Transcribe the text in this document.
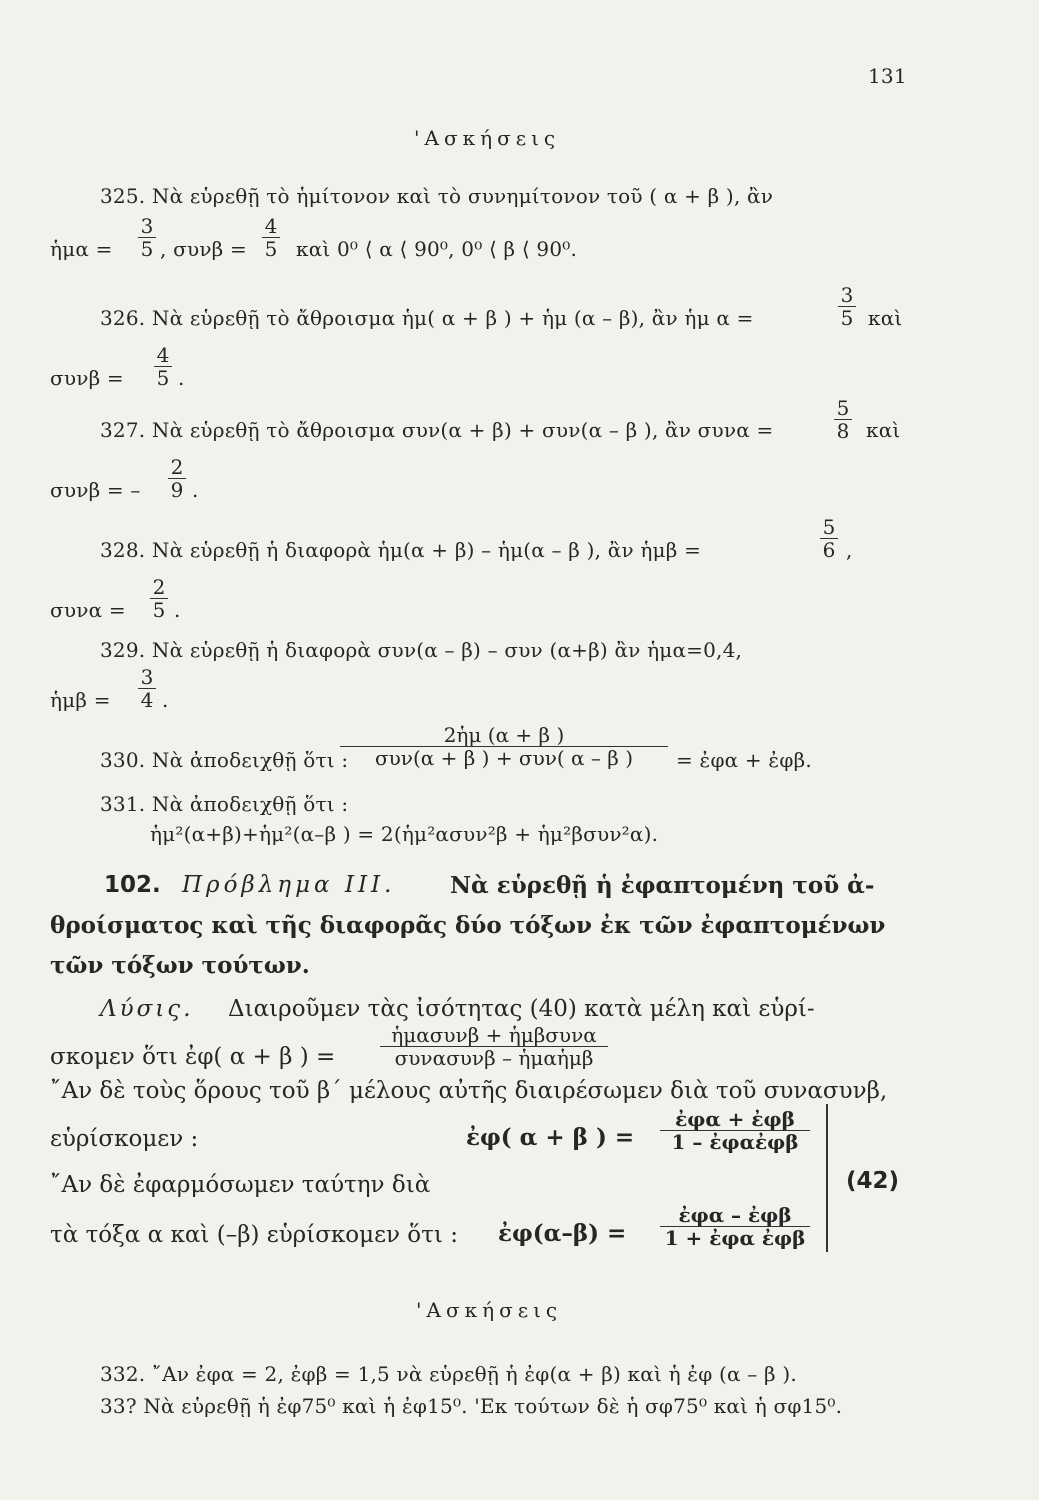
131
'Ασκήσεις
325. Νὰ εὑρεθῇ τὸ ἡμίτονον καὶ τὸ συνημίτονον τοῦ ( α + β ), ἂν
ἡμα = $\frac{3}{5}$ , $\sigma\upsilon\nu\beta = \frac{4}{5}$ καὶ 0⁰ ⟨ α ⟨ 90⁰, 0⁰ ⟨ β ⟨ 90⁰.
326. Νὰ εὑρεθῇ τὸ ἄθροισμα ἡμ( α + β ) + ἡμ (α – β), ἂν ἡμ α =	$\frac{3}{5}$ καὶ
$\sigma\upsilon\nu\beta = \frac{4}{5}$ .
327. Νὰ εὑρεθῇ τὸ ἄθροισμα συν(α + β) + συν(α – β ), ἂν συνα =	$\frac{5}{8}$ καὶ
συνβ = – $\frac{2}{9}$ .
328. Νὰ εὑρεθῇ ἡ διαφορὰ ἡμ(α + β) – ἡμ(α – β ), ἂν ἡμβ =	$\frac{5}{6}$ ,
$\sigma\upsilon\nu\alpha = \frac{2}{5}$ .
329. Νὰ εὑρεθῇ ἡ διαφορὰ συν(α – β) – συν (α+β) ἂν ἡμα=0,4,
ἡμβ = $\frac{3}{4}$ .
330. Νὰ ἀποδειχθῇ ὅτι :
2ἡμ (α + β )
συν(α + β ) + συν( α – β )	= ἐφα + ἐφβ.
331. Νὰ ἀποδειχθῇ ὅτι :
ἡμ²(α+β)+ἡμ²(α–β ) = 2(ἡμ²ασυν²β + ἡμ²βσυν²α).
102. Πρόβλημα III. Νὰ εὑρεθῇ ἡ ἐφαπτομένη τοῦ ἀ-
θροίσματος καὶ τῆς διαφορᾶς δύο τόξων ἐκ τῶν ἐφαπτομένων
τῶν τόξων τούτων.
Λύσις. Διαιροῦμεν τὰς ἰσότητας (40) κατὰ μέλη καὶ εὑρί-
σκομεν ὅτι ἐφ( α + β ) =
ἡμασυνβ + ἡμβσυνα
συνασυνβ – ἡμαἡμβ
῎Αν δὲ τοὺς ὅρους τοῦ β΄ μέλους αὐτῆς διαιρέσωμεν διὰ τοῦ συνασυνβ,
εὑρίσκομεν :	ἐφ( α + β ) =
ἐφα + ἐφβ
1 – ἐφαἐφβ
῎Αν δὲ ἐφαρμόσωμεν ταύτην διὰ
τὰ τόξα α καὶ (–β) εὑρίσκομεν ὅτι : ἐφ(α–β) =
ἐφα – ἐφβ
1 + ἐφα ἐφβ
(42)
'Ασκήσεις
332. ῎Αν ἐφα = 2, ἐφβ = 1,5 νὰ εὑρεθῇ ἡ ἐφ(α + β) καὶ ἡ ἐφ (α – β ).
33? Νὰ εὑρεθῇ ἡ ἐφ75⁰ καὶ ἡ ἐφ15⁰. 'Εκ τούτων δὲ ἡ σφ75⁰ καὶ ἡ σφ15⁰.
